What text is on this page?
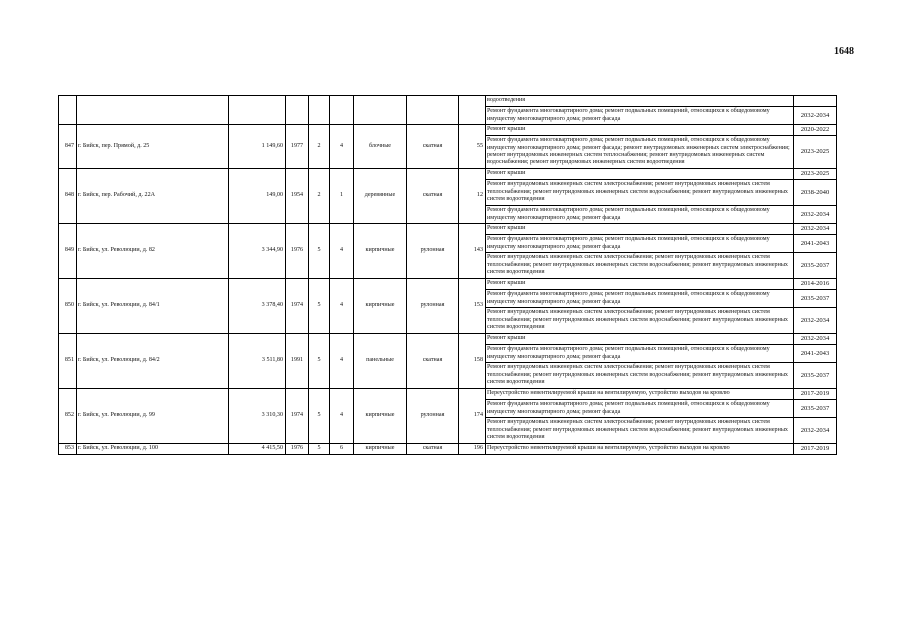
1648
									водоотведения	
									Ремонт фундамента многоквартирного дома; ремонт подвальных помещений, относящихся к общедомовому имуществу многоквартирного дома; ремонт фасада	2032-2034
847	г. Бийск, пер. Прямой, д. 25	1 149,60	1977	2	4	блочные	скатная	55	Ремонт крыши	2020-2022
									Ремонт фундамента многоквартирного дома; ремонт подвальных помещений, относящихся к общедомовому имуществу многоквартирного дома; ремонт фасада; ремонт внутридомовых инженерных систем электроснабжения; ремонт внутридомовых инженерных систем теплоснабжения; ремонт внутридомовых инженерных систем водоснабжения; ремонт внутридомовых инженерных систем водоотведения	2023-2025
848	г. Бийск, пер. Рабочий, д. 22А	149,00	1954	2	1	деревянные	скатная	12	Ремонт крыши	2023-2025
									Ремонт внутридомовых инженерных систем электроснабжения; ремонт внутридомовых инженерных систем теплоснабжения; ремонт внутридомовых инженерных систем водоснабжения; ремонт внутридомовых инженерных систем водоотведения	2038-2040
									Ремонт фундамента многоквартирного дома; ремонт подвальных помещений, относящихся к общедомовому имуществу многоквартирного дома; ремонт фасада	2032-2034
849	г. Бийск, ул. Революции, д. 82	3 344,90	1976	5	4	кирпичные	рулонная	143	Ремонт крыши	2032-2034
									Ремонт фундамента многоквартирного дома; ремонт подвальных помещений, относящихся к общедомовому имуществу многоквартирного дома; ремонт фасада	2041-2043
									Ремонт внутридомовых инженерных систем электроснабжения; ремонт внутридомовых инженерных систем теплоснабжения; ремонт внутридомовых инженерных систем водоснабжения; ремонт внутридомовых инженерных систем водоотведения	2035-2037
850	г. Бийск, ул. Революции, д. 84/1	3 378,40	1974	5	4	кирпичные	рулонная	153	Ремонт крыши	2014-2016
									Ремонт фундамента многоквартирного дома; ремонт подвальных помещений, относящихся к общедомовому имуществу многоквартирного дома; ремонт фасада	2035-2037
									Ремонт внутридомовых инженерных систем электроснабжения; ремонт внутридомовых инженерных систем теплоснабжения; ремонт внутридомовых инженерных систем водоснабжения; ремонт внутридомовых инженерных систем водоотведения	2032-2034
851	г. Бийск, ул. Революции, д. 84/2	3 511,80	1991	5	4	панельные	скатная	158	Ремонт крыши	2032-2034
									Ремонт фундамента многоквартирного дома; ремонт подвальных помещений, относящихся к общедомовому имуществу многоквартирного дома; ремонт фасада	2041-2043
									Ремонт внутридомовых инженерных систем электроснабжения; ремонт внутридомовых инженерных систем теплоснабжения; ремонт внутридомовых инженерных систем водоснабжения; ремонт внутридомовых инженерных систем водоотведения	2035-2037
852	г. Бийск, ул. Революции, д. 99	3 310,30	1974	5	4	кирпичные	рулонная	174	Переустройство невентилируемой крыши на вентилируемую, устройство выходов на кровлю	2017-2019
									Ремонт фундамента многоквартирного дома; ремонт подвальных помещений, относящихся к общедомовому имуществу многоквартирного дома; ремонт фасада	2035-2037
									Ремонт внутридомовых инженерных систем электроснабжения; ремонт внутридомовых инженерных систем теплоснабжения; ремонт внутридомовых инженерных систем водоснабжения; ремонт внутридомовых инженерных систем водоотведения	2032-2034
853	г. Бийск, ул. Революции, д. 100	4 415,50	1976	5	6	кирпичные	скатная	196	Переустройство невентилируемой крыши на вентилируемую, устройство выходов на кровлю	2017-2019
